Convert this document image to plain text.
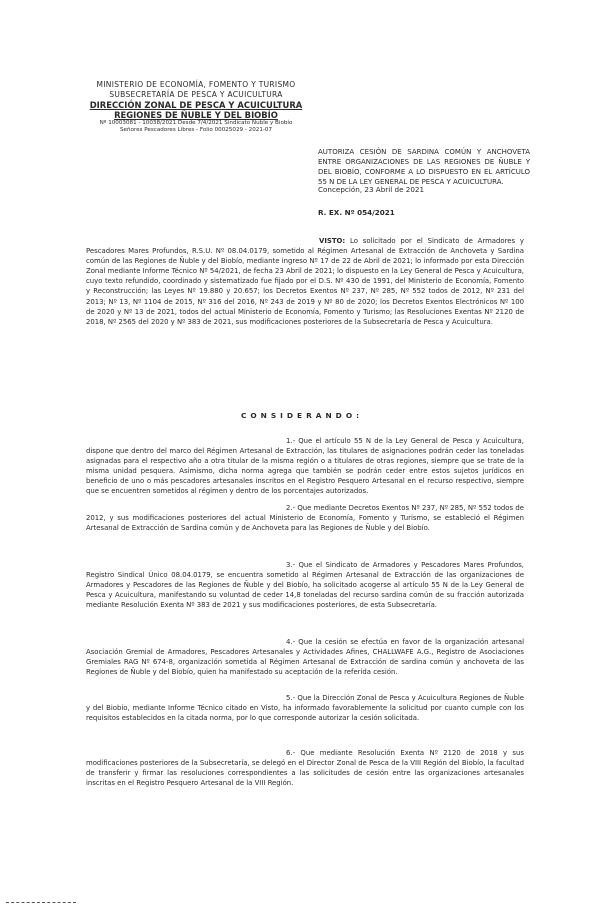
MINISTERIO DE ECONOMÍA, FOMENTO Y TURISMO
SUBSECRETARÍA DE PESCA Y ACUICULTURA
DIRECCIÓN ZONAL DE PESCA Y ACUICULTURA
REGIONES DE ÑUBLE Y DEL BIOBÍO
Nº 10003081 - 10038/2021 Desde 7/4/2021 Sindicato Ñuble y Biobío
Señores Pescadores Libres - Folio 00025029 - 2021-07
AUTORIZA CESIÓN DE SARDINA COMÚN Y ANCHOVETA ENTRE ORGANIZACIONES DE LAS REGIONES DE ÑUBLE Y DEL BIOBÍO, CONFORME A LO DISPUESTO EN EL ARTÍCULO 55 N DE LA LEY GENERAL DE PESCA Y ACUICULTURA.
Concepción, 23 Abril de 2021
R. EX. Nº 054/2021

VISTO: Lo solicitado por el Sindicato de Armadores y Pescadores Mares Profundos, R.S.U. Nº 08.04.0179, sometido al Régimen Artesanal de Extracción de Anchoveta y Sardina común de las Regiones de Ñuble y del Biobío, mediante ingreso Nº 17 de 22 de Abril de 2021; lo informado por esta Dirección Zonal mediante Informe Técnico Nº 54/2021, de fecha 23 Abril de 2021; lo dispuesto en la Ley General de Pesca y Acuicultura, cuyo texto refundido, coordinado y sistematizado fue fijado por el D.S. Nº 430 de 1991, del Ministerio de Economía, Fomento y Reconstrucción; las Leyes Nº 19.880 y 20.657; los Decretos Exentos Nº 237, Nº 285, Nº 552 todos de 2012, Nº 231 del 2013; Nº 13, Nº 1104 de 2015, Nº 316 del 2016, Nº 243 de 2019 y Nº 80 de 2020; los Decretos Exentos Electrónicos Nº 100 de 2020 y Nº 13 de 2021, todos del actual Ministerio de Economía, Fomento y Turismo; las Resoluciones Exentas Nº 2120 de 2018, Nº 2565 del 2020 y Nº 383 de 2021, sus modificaciones posteriores de la Subsecretaría de Pesca y Acuicultura.

CONSIDERANDO:

1.- Que el artículo 55 N de la Ley General de Pesca y Acuicultura, dispone que dentro del marco del Régimen Artesanal de Extracción, las titulares de asignaciones podrán ceder las toneladas asignadas para el respectivo año a otra titular de la misma región o a titulares de otras regiones, siempre que se trate de la misma unidad pesquera. Asimismo, dicha norma agrega que también se podrán ceder entre estos sujetos jurídicos en beneficio de uno o más pescadores artesanales inscritos en el Registro Pesquero Artesanal en el recurso respectivo, siempre que se encuentren sometidos al régimen y dentro de los porcentajes autorizados.

2.- Que mediante Decretos Exentos Nº 237, Nº 285, Nº 552 todos de 2012, y sus modificaciones posteriores del actual Ministerio de Economía, Fomento y Turismo, se estableció el Régimen Artesanal de Extracción de Sardina común y de Anchoveta para las Regiones de Ñuble y del Biobío.

3.- Que el Sindicato de Armadores y Pescadores Mares Profundos, Registro Sindical Único 08.04.0179, se encuentra sometido al Régimen Artesanal de Extracción de las organizaciones de Armadores y Pescadores de las Regiones de Ñuble y del Biobío, ha solicitado acogerse al artículo 55 N de la Ley General de Pesca y Acuicultura, manifestando su voluntad de ceder 14,8 toneladas del recurso sardina común de su fracción autorizada mediante Resolución Exenta Nº 383 de 2021 y sus modificaciones posteriores, de esta Subsecretaría.

4.- Que la cesión se efectúa en favor de la organización artesanal Asociación Gremial de Armadores, Pescadores Artesanales y Actividades Afines, CHALLWAFE A.G., Registro de Asociaciones Gremiales RAG Nº 674-8, organización sometida al Régimen Artesanal de Extracción de sardina común y anchoveta de las Regiones de Ñuble y del Biobío, quien ha manifestado su aceptación de la referida cesión.

5.- Que la Dirección Zonal de Pesca y Acuicultura Regiones de Ñuble y del Biobío, mediante Informe Técnico citado en Visto, ha informado favorablemente la solicitud por cuanto cumple con los requisitos establecidos en la citada norma, por lo que corresponde autorizar la cesión solicitada.

6.- Que mediante Resolución Exenta Nº 2120 de 2018 y sus modificaciones posteriores de la Subsecretaría, se delegó en el Director Zonal de Pesca de la VIII Región del Biobío, la facultad de transferir y firmar las resoluciones correspondientes a las solicitudes de cesión entre las organizaciones artesanales inscritas en el Registro Pesquero Artesanal de la VIII Región.
